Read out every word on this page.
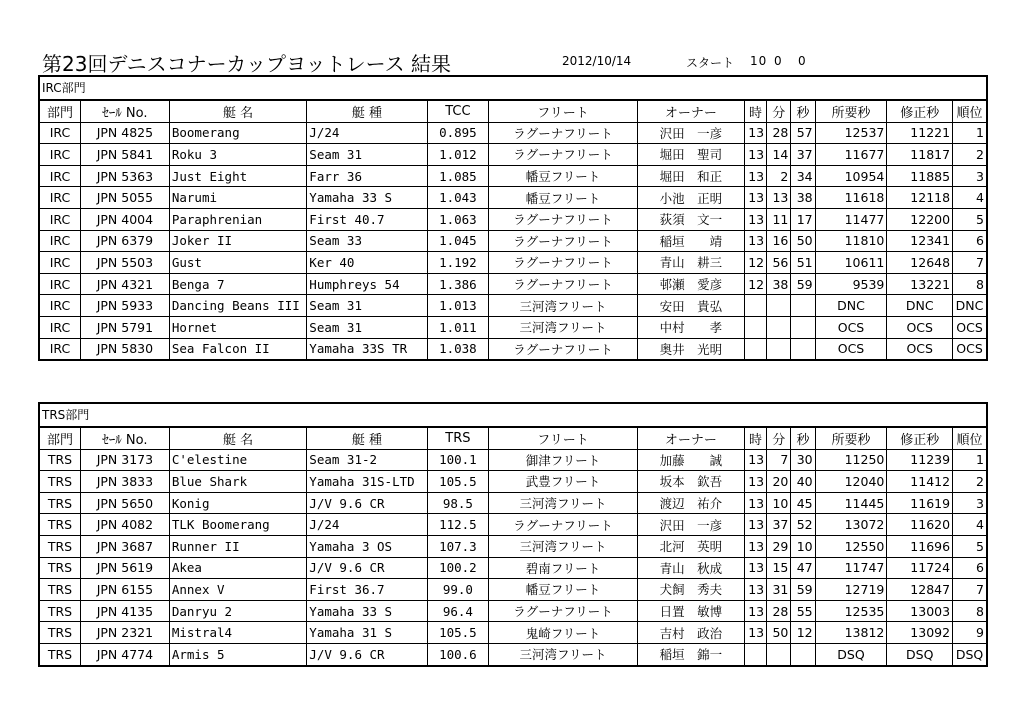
第23回デニスコナーカップヨットレース 結果	2012/10/14	スタート 10 0 0
IRC部門
部門	ｾｰﾙ No.	艇 名	艇 種	TCC	フリート	オーナー	時	分	秒	所要秒	修正秒	順位
IRC	JPN 4825	Boomerang	J/24	0.895	ラグーナフリート	沢田　一彦	13	28	57	12537	11221	1
IRC	JPN 5841	Roku 3	Seam 31	1.012	ラグーナフリート	堀田　聖司	13	14	37	11677	11817	2
IRC	JPN 5363	Just Eight	Farr 36	1.085	幡豆フリート	堀田　和正	13	2	34	10954	11885	3
IRC	JPN 5055	Narumi	Yamaha 33 S	1.043	幡豆フリート	小池　正明	13	13	38	11618	12118	4
IRC	JPN 4004	Paraphrenian	First 40.7	1.063	ラグーナフリート	荻須　文一	13	11	17	11477	12200	5
IRC	JPN 6379	Joker II	Seam 33	1.045	ラグーナフリート	稲垣　　靖	13	16	50	11810	12341	6
IRC	JPN 5503	Gust	Ker 40	1.192	ラグーナフリート	青山　耕三	12	56	51	10611	12648	7
IRC	JPN 4321	Benga 7	Humphreys 54	1.386	ラグーナフリート	邨瀬　愛彦	12	38	59	9539	13221	8
IRC	JPN 5933	Dancing Beans III	Seam 31	1.013	三河湾フリート	安田　貴弘				DNC	DNC	DNC
IRC	JPN 5791	Hornet	Seam 31	1.011	三河湾フリート	中村　　孝				OCS	OCS	OCS
IRC	JPN 5830	Sea Falcon II	Yamaha 33S TR	1.038	ラグーナフリート	奥井　光明				OCS	OCS	OCS
TRS部門
部門	ｾｰﾙ No.	艇 名	艇 種	TRS	フリート	オーナー	時	分	秒	所要秒	修正秒	順位
TRS	JPN 3173	C'elestine	Seam 31-2	100.1	御津フリート	加藤　　誠	13	7	30	11250	11239	1
TRS	JPN 3833	Blue Shark	Yamaha 31S-LTD	105.5	武豊フリート	坂本　欽吾	13	20	40	12040	11412	2
TRS	JPN 5650	Konig	J/V 9.6 CR	98.5	三河湾フリート	渡辺　祐介	13	10	45	11445	11619	3
TRS	JPN 4082	TLK Boomerang	J/24	112.5	ラグーナフリート	沢田　一彦	13	37	52	13072	11620	4
TRS	JPN 3687	Runner II	Yamaha 3 OS	107.3	三河湾フリート	北河　英明	13	29	10	12550	11696	5
TRS	JPN 5619	Akea	J/V 9.6 CR	100.2	碧南フリート	青山　秋成	13	15	47	11747	11724	6
TRS	JPN 6155	Annex V	First 36.7	99.0	幡豆フリート	犬飼　秀夫	13	31	59	12719	12847	7
TRS	JPN 4135	Danryu 2	Yamaha 33 S	96.4	ラグーナフリート	日置　敏博	13	28	55	12535	13003	8
TRS	JPN 2321	Mistral4	Yamaha 31 S	105.5	鬼崎フリート	吉村　政治	13	50	12	13812	13092	9
TRS	JPN 4774	Armis 5	J/V 9.6 CR	100.6	三河湾フリート	稲垣　錦一				DSQ	DSQ	DSQ
